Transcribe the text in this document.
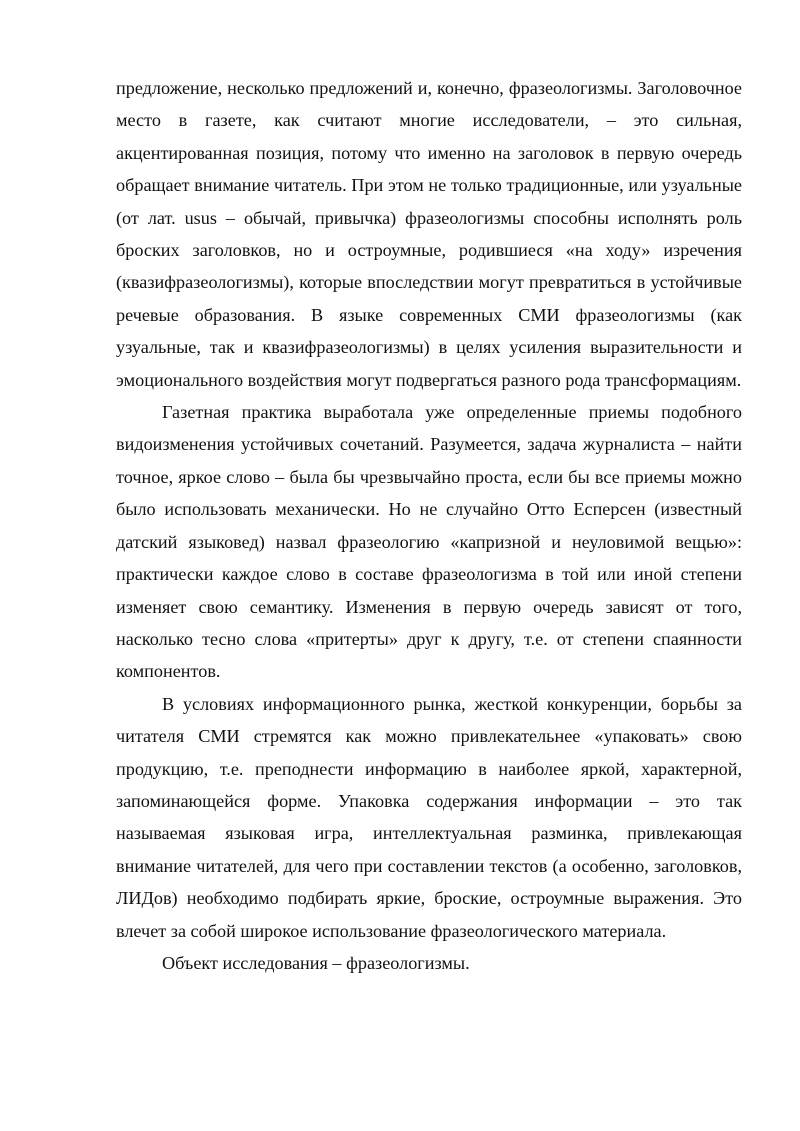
предложение, несколько предложений и, конечно, фразеологизмы. Заголовочное место в газете, как считают многие исследователи, – это сильная, акцентированная позиция, потому что именно на заголовок в первую очередь обращает внимание читатель. При этом не только традиционные, или узуальные (от лат. usus – обычай, привычка) фразеологизмы способны исполнять роль броских заголовков, но и остроумные, родившиеся «на ходу» изречения (квазифразеологизмы), которые впоследствии могут превратиться в устойчивые речевые образования. В языке современных СМИ фразеологизмы (как узуальные, так и квазифразеологизмы) в целях усиления выразительности и эмоционального воздействия могут подвергаться разного рода трансформациям.

Газетная практика выработала уже определенные приемы подобного видоизменения устойчивых сочетаний. Разумеется, задача журналиста – найти точное, яркое слово – была бы чрезвычайно проста, если бы все приемы можно было использовать механически. Но не случайно Отто Есперсен (известный датский языковед) назвал фразеологию «капризной и неуловимой вещью»: практически каждое слово в составе фразеологизма в той или иной степени изменяет свою семантику. Изменения в первую очередь зависят от того, насколько тесно слова «притерты» друг к другу, т.е. от степени спаянности компонентов.

В условиях информационного рынка, жесткой конкуренции, борьбы за читателя СМИ стремятся как можно привлекательнее «упаковать» свою продукцию, т.е. преподнести информацию в наиболее яркой, характерной, запоминающейся форме. Упаковка содержания информации – это так называемая языковая игра, интеллектуальная разминка, привлекающая внимание читателей, для чего при составлении текстов (а особенно, заголовков, ЛИДов) необходимо подбирать яркие, броские, остроумные выражения. Это влечет за собой широкое использование фразеологического материала.

Объект исследования – фразеологизмы.
